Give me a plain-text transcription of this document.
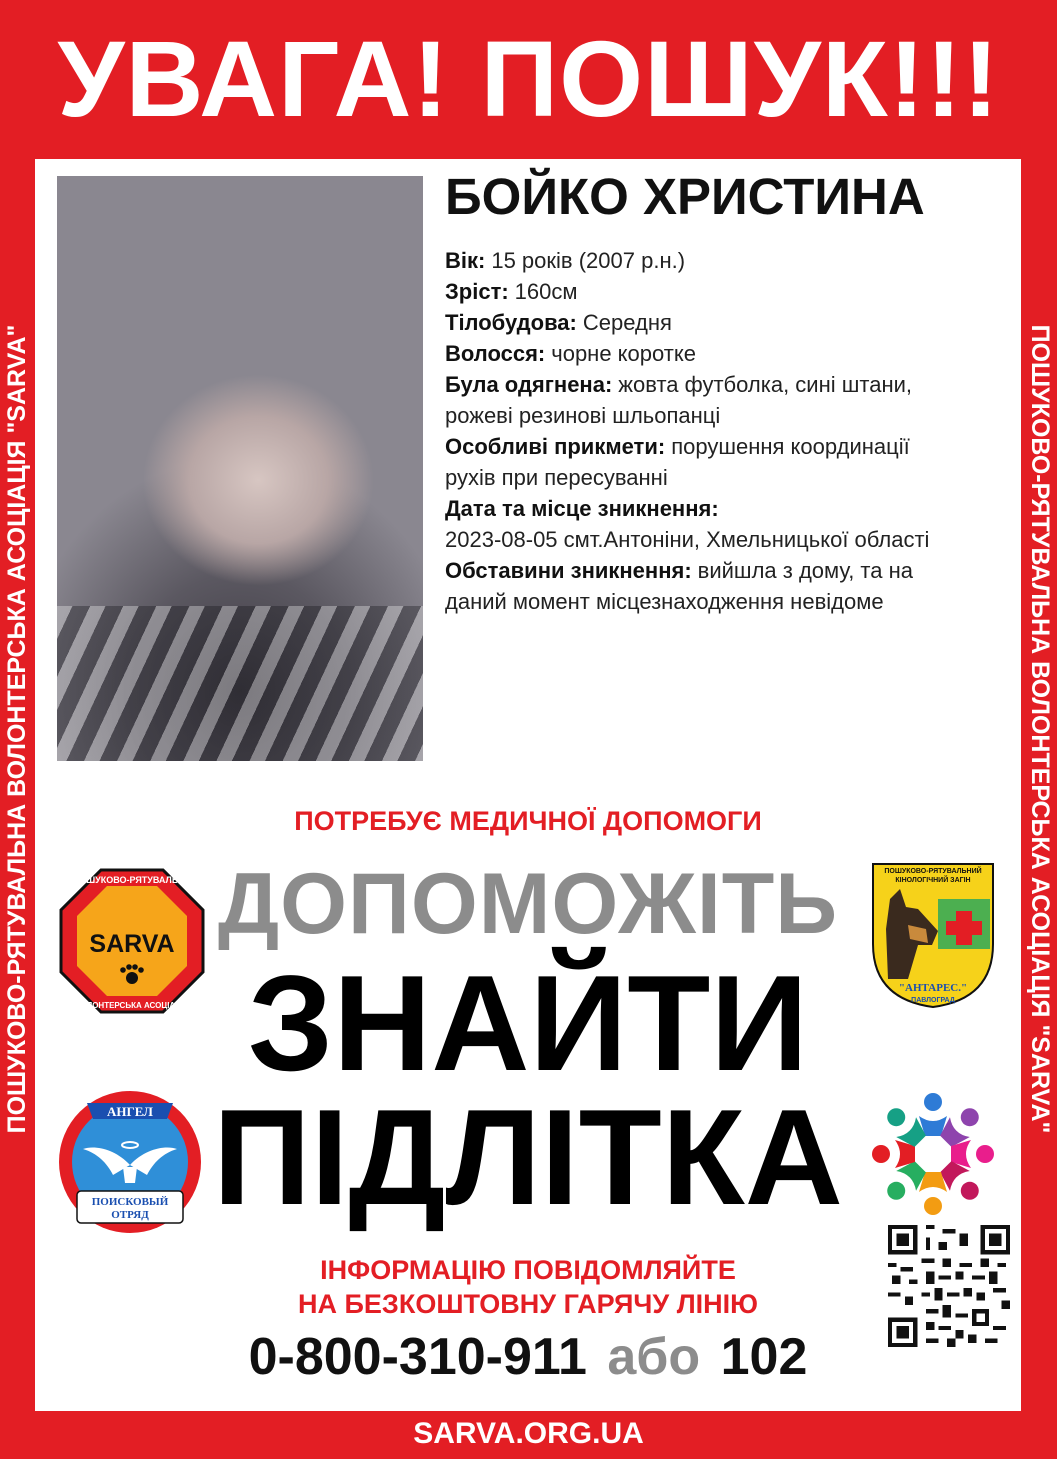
УВАГА! ПОШУК!!!
ПОШУКОВО-РЯТУВАЛЬНА ВОЛОНТЕРСЬКА АСОЦІАЦІЯ "SARVA"	ПОШУКОВО-РЯТУВАЛЬНА ВОЛОНТЕРСЬКА АСОЦІАЦІЯ "SARVA"
БОЙКО ХРИСТИНА
Вік: 15 років (2007 р.н.)
Зріст: 160см
Тілобудова: Середня
Волосся: чорне коротке
Була одягнена: жовта футболка, сині штани,
рожеві резинові шльопанці
Особливі прикмети: порушення координації
рухів при пересуванні
Дата та місце зникнення:
2023-08-05 смт.Антоніни, Хмельницької області
Обставини зникнення: вийшла з дому, та на
даний момент місцезнаходження невідоме
ПОТРЕБУЄ МЕДИЧНОЇ ДОПОМОГИ
ДОПОМОЖІТЬ
ЗНАЙТИ
ПІДЛІТКА
ПОШУКОВО-РЯТУВАЛЬНА
SARVA
ВОЛОНТЕРСЬКА АСОЦІАЦІЯ
ПОШУКОВО-РЯТУВАЛЬНИЙ
КІНОЛОГІЧНИЙ ЗАГІН
"АНТАРЕС."
ПАВЛОГРАД
АНГЕЛ
ПОИСКОВЫЙ
ОТРЯД
ІНФОРМАЦІЮ ПОВІДОМЛЯЙТЕ
НА БЕЗКОШТОВНУ ГАРЯЧУ ЛІНІЮ
0-800-310-911 або 102
SARVA.ORG.UA
